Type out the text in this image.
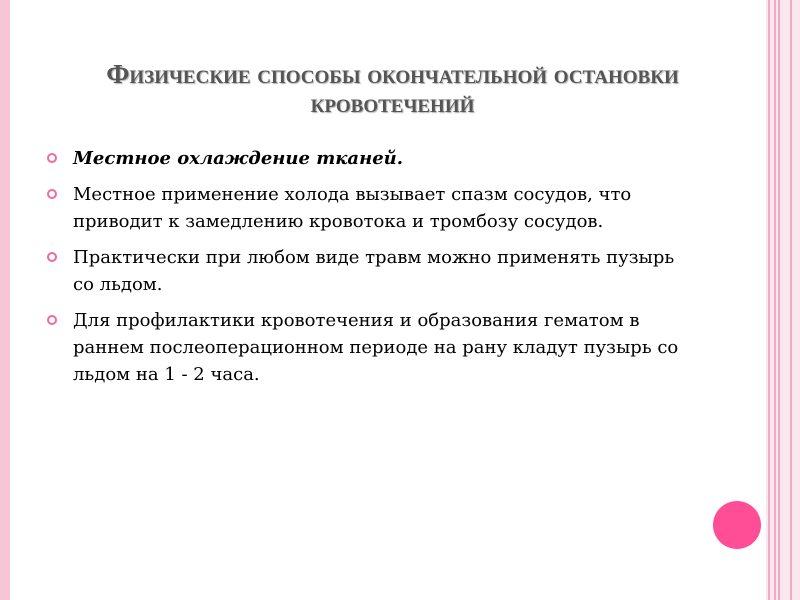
Физические способы окончательной остановки
кровотечений
Местное охлаждение тканей.
Местное применение холода вызывает спазм сосудов, что приводит к замедлению кровотока и тромбозу сосудов.
Практически при любом виде травм можно применять пузырь со льдом.
Для профилактики кровотечения и образования гематом в раннем послеоперационном периоде на рану кладут пузырь со льдом на 1 - 2 часа.
